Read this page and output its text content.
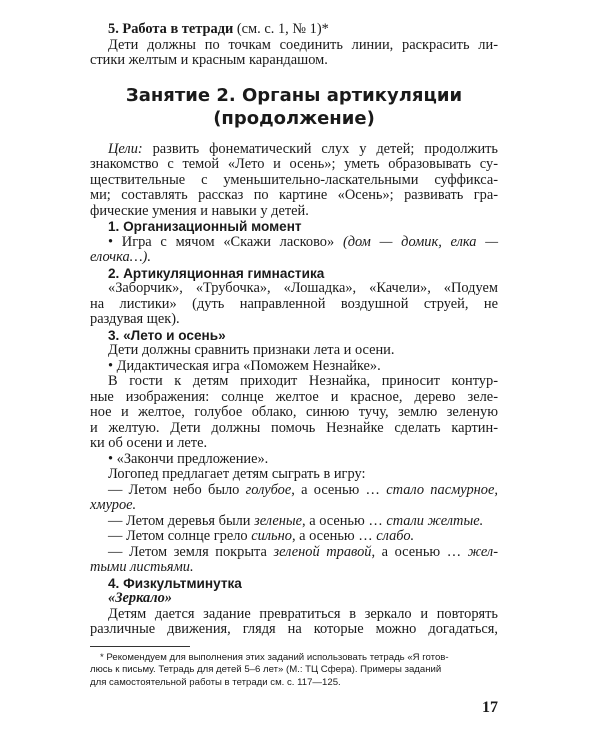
5. Работа в тетради (см. с. 1, № 1)*
Дети должны по точкам соединить линии, раскрасить ли-
стики желтым и красным карандашом.
Занятие 2. Органы артикуляции
(продолжение)
Цели: развить фонематический слух у детей; продолжить
знакомство с темой «Лето и осень»; уметь образовывать су-
ществительные с уменьшительно-ласкательными суффикса-
ми; составлять рассказ по картине «Осень»; развивать гра-
фические умения и навыки у детей.
1. Организационный момент
• Игра с мячом «Скажи ласково» (дом — домик, елка —
елочка…).
2. Артикуляционная гимнастика
«Заборчик», «Трубочка», «Лошадка», «Качели», «Подуем
на листики» (дуть направленной воздушной струей, не
раздувая щек).
3. «Лето и осень»
Дети должны сравнить признаки лета и осени.
• Дидактическая игра «Поможем Незнайке».
В гости к детям приходит Незнайка, приносит контур-
ные изображения: солнце желтое и красное, дерево зеле-
ное и желтое, голубое облако, синюю тучу, землю зеленую
и желтую. Дети должны помочь Незнайке сделать картин-
ки об осени и лете.
• «Закончи предложение».
Логопед предлагает детям сыграть в игру:
— Летом небо было голубое, а осенью … стало пасмурное,
хмурое.
— Летом деревья были зеленые, а осенью … стали желтые.
— Летом солнце грело сильно, а осенью … слабо.
— Летом земля покрыта зеленой травой, а осенью … жел-
тыми листьями.
4. Физкультминутка
«Зеркало»
Детям дается задание превратиться в зеркало и повторять
различные движения, глядя на которые можно догадаться,
* Рекомендуем для выполнения этих заданий использовать тетрадь «Я готов-
люсь к письму. Тетрадь для детей 5–6 лет» (М.: ТЦ Сфера). Примеры заданий
для самостоятельной работы в тетради см. с. 117—125.
17
